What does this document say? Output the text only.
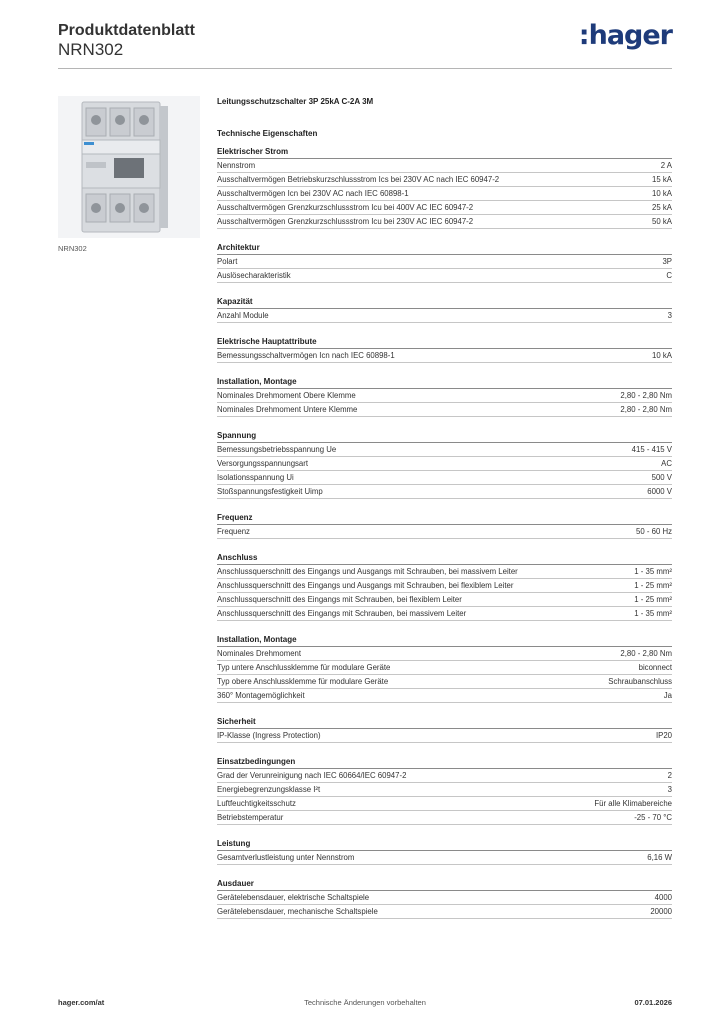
Produktdatenblatt
NRN302	:hager
NRN302
Leitungsschutzschalter 3P 25kA C-2A 3M
Technische Eigenschaften
Elektrischer Strom
Nennstrom	2 A
Ausschaltvermögen Betriebskurzschlussstrom Ics bei 230V AC nach IEC 60947-2	15 kA
Ausschaltvermögen Icn bei 230V AC nach IEC 60898-1	10 kA
Ausschaltvermögen Grenzkurzschlussstrom Icu bei 400V AC IEC 60947-2	25 kA
Ausschaltvermögen Grenzkurzschlussstrom Icu bei 230V AC IEC 60947-2	50 kA
Architektur
Polart	3P
Auslösecharakteristik	C
Kapazität
Anzahl Module	3
Elektrische Hauptattribute
Bemessungsschaltvermögen Icn nach IEC 60898-1	10 kA
Installation, Montage
Nominales Drehmoment Obere Klemme	2,80 - 2,80 Nm
Nominales Drehmoment Untere Klemme	2,80 - 2,80 Nm
Spannung
Bemessungsbetriebsspannung Ue	415 - 415 V
Versorgungsspannungsart	AC
Isolationsspannung Ui	500 V
Stoßspannungsfestigkeit Uimp	6000 V
Frequenz
Frequenz	50 - 60 Hz
Anschluss
Anschlussquerschnitt des Eingangs und Ausgangs mit Schrauben, bei massivem Leiter	1 - 35 mm²
Anschlussquerschnitt des Eingangs und Ausgangs mit Schrauben, bei flexiblem Leiter	1 - 25 mm²
Anschlussquerschnitt des Eingangs mit Schrauben, bei flexiblem Leiter	1 - 25 mm²
Anschlussquerschnitt des Eingangs mit Schrauben, bei massivem Leiter	1 - 35 mm²
Installation, Montage
Nominales Drehmoment	2,80 - 2,80 Nm
Typ untere Anschlussklemme für modulare Geräte	biconnect
Typ obere Anschlussklemme für modulare Geräte	Schraubanschluss
360° Montagemöglichkeit	Ja
Sicherheit
IP-Klasse (Ingress Protection)	IP20
Einsatzbedingungen
Grad der Verunreinigung nach IEC 60664/IEC 60947-2	2
Energiebegrenzungsklasse I²t	3
Luftfeuchtigkeitsschutz	Für alle Klimabereiche
Betriebstemperatur	-25 - 70 °C
Leistung
Gesamtverlustleistung unter Nennstrom	6,16 W
Ausdauer
Gerätelebensdauer, elektrische Schaltspiele	4000
Gerätelebensdauer, mechanische Schaltspiele	20000
hager.com/at	Technische Änderungen vorbehalten	07.01.2026
